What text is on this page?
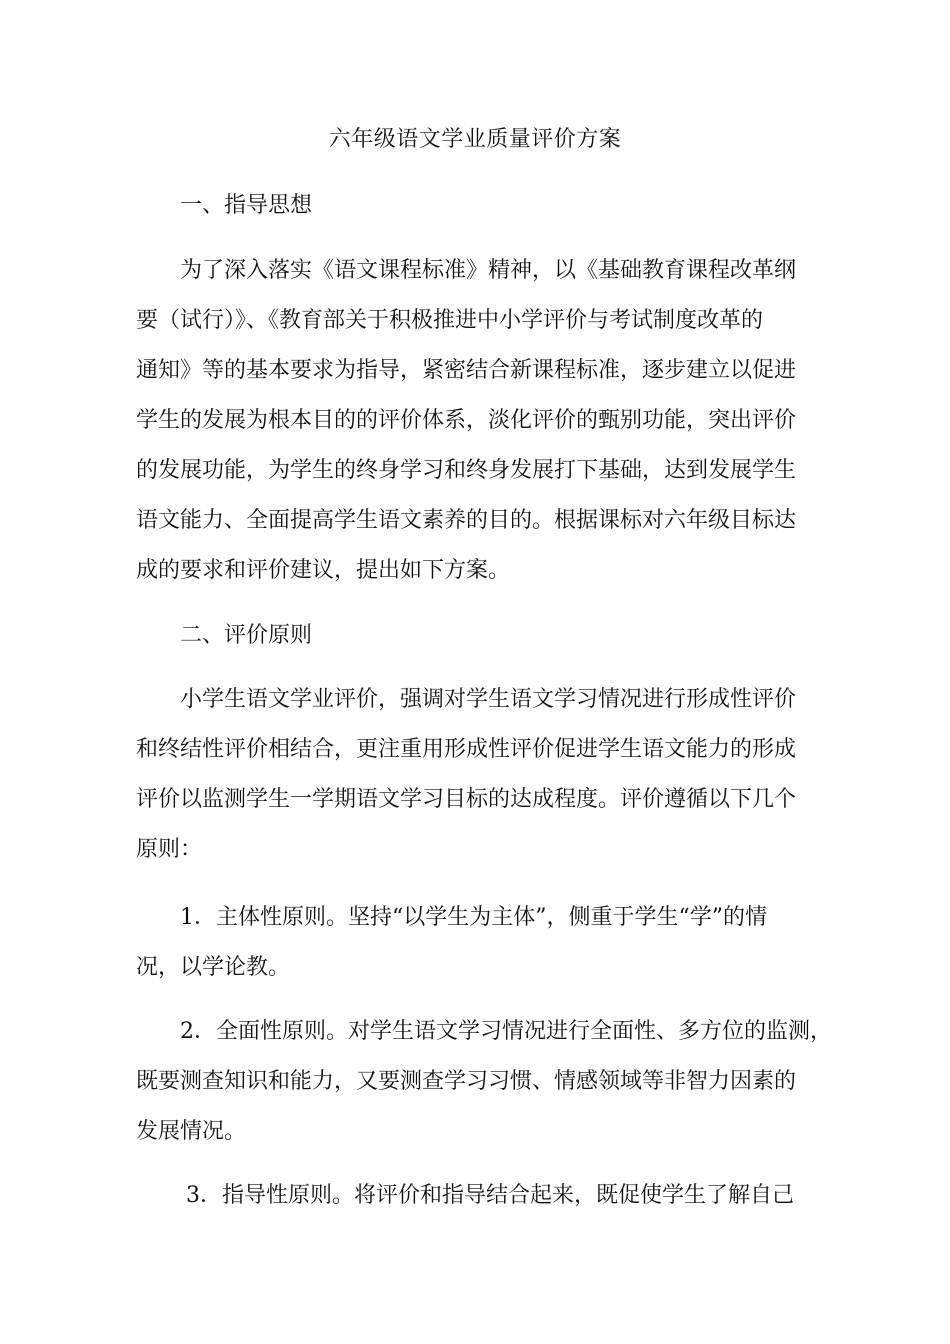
六年级语文学业质量评价方案
一、指导思想
为了深入落实《语文课程标准》精神，以《基础教育课程改革纲
要（试行）》、《教育部关于积极推进中小学评价与考试制度改革的
通知》等的基本要求为指导，紧密结合新课程标准，逐步建立以促进
学生的发展为根本目的的评价体系，淡化评价的甄别功能，突出评价
的发展功能，为学生的终身学习和终身发展打下基础，达到发展学生
语文能力、全面提高学生语文素养的目的。根据课标对六年级目标达
成的要求和评价建议，提出如下方案。
二、评价原则
小学生语文学业评价，强调对学生语文学习情况进行形成性评价
和终结性评价相结合，更注重用形成性评价促进学生语文能力的形成
评价以监测学生一学期语文学习目标的达成程度。评价遵循以下几个
原则：
1．主体性原则。坚持“以学生为主体”，侧重于学生“学”的情
况，以学论教。
2．全面性原则。对学生语文学习情况进行全面性、多方位的监测，
既要测查知识和能力，又要测查学习习惯、情感领域等非智力因素的
发展情况。
3．指导性原则。将评价和指导结合起来，既促使学生了解自己
